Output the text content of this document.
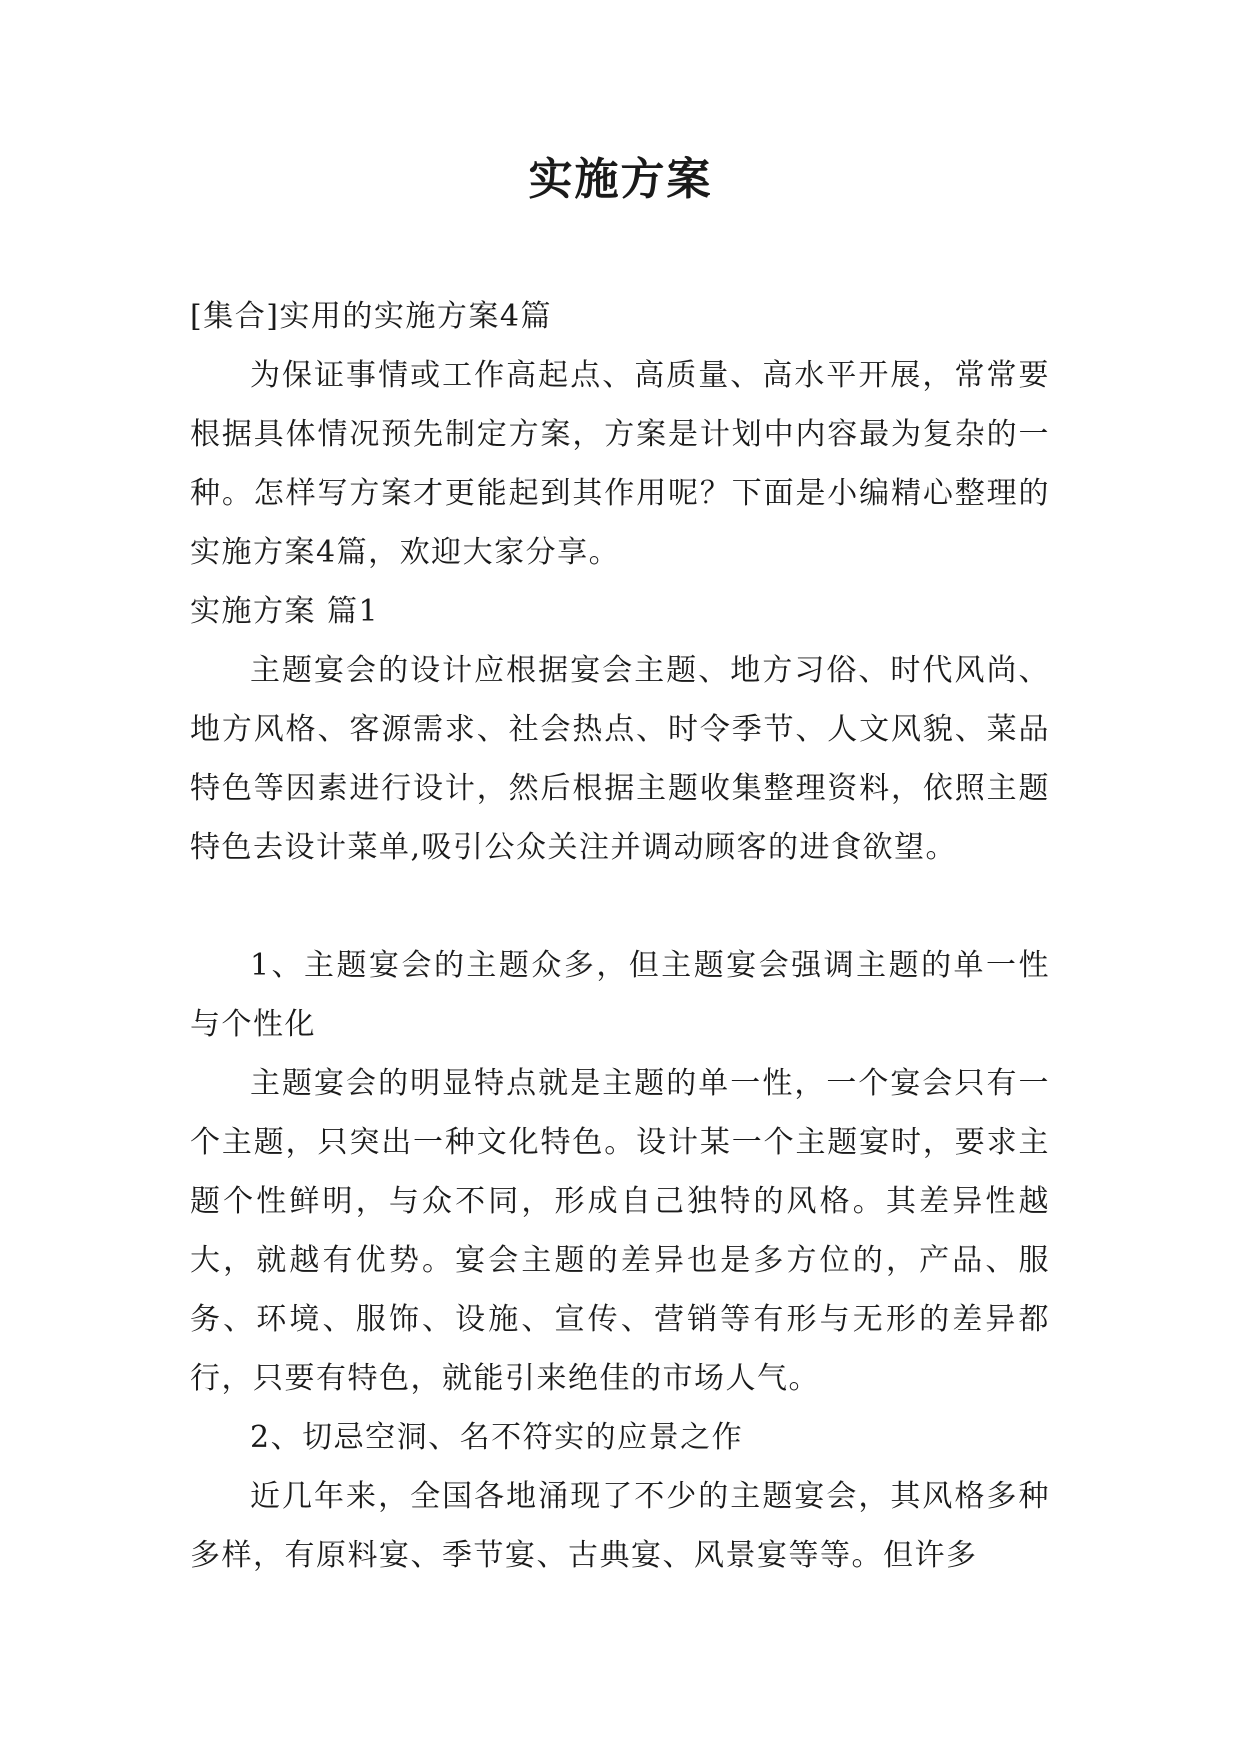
实施方案

[集合]实用的实施方案4篇

为保证事情或工作高起点、高质量、高水平开展，常常要根据具体情况预先制定方案，方案是计划中内容最为复杂的一种。怎样写方案才更能起到其作用呢？下面是小编精心整理的实施方案4篇，欢迎大家分享。

实施方案 篇1

主题宴会的设计应根据宴会主题、地方习俗、时代风尚、地方风格、客源需求、社会热点、时令季节、人文风貌、菜品特色等因素进行设计，然后根据主题收集整理资料，依照主题特色去设计菜单,吸引公众关注并调动顾客的进食欲望。

1、主题宴会的主题众多，但主题宴会强调主题的单一性与个性化

主题宴会的明显特点就是主题的单一性，一个宴会只有一个主题，只突出一种文化特色。设计某一个主题宴时，要求主题个性鲜明，与众不同，形成自己独特的风格。其差异性越大，就越有优势。宴会主题的差异也是多方位的，产品、服务、环境、服饰、设施、宣传、营销等有形与无形的差异都行，只要有特色，就能引来绝佳的市场人气。

2、切忌空洞、名不符实的应景之作

近几年来，全国各地涌现了不少的主题宴会，其风格多种多样，有原料宴、季节宴、古典宴、风景宴等等。但许多
